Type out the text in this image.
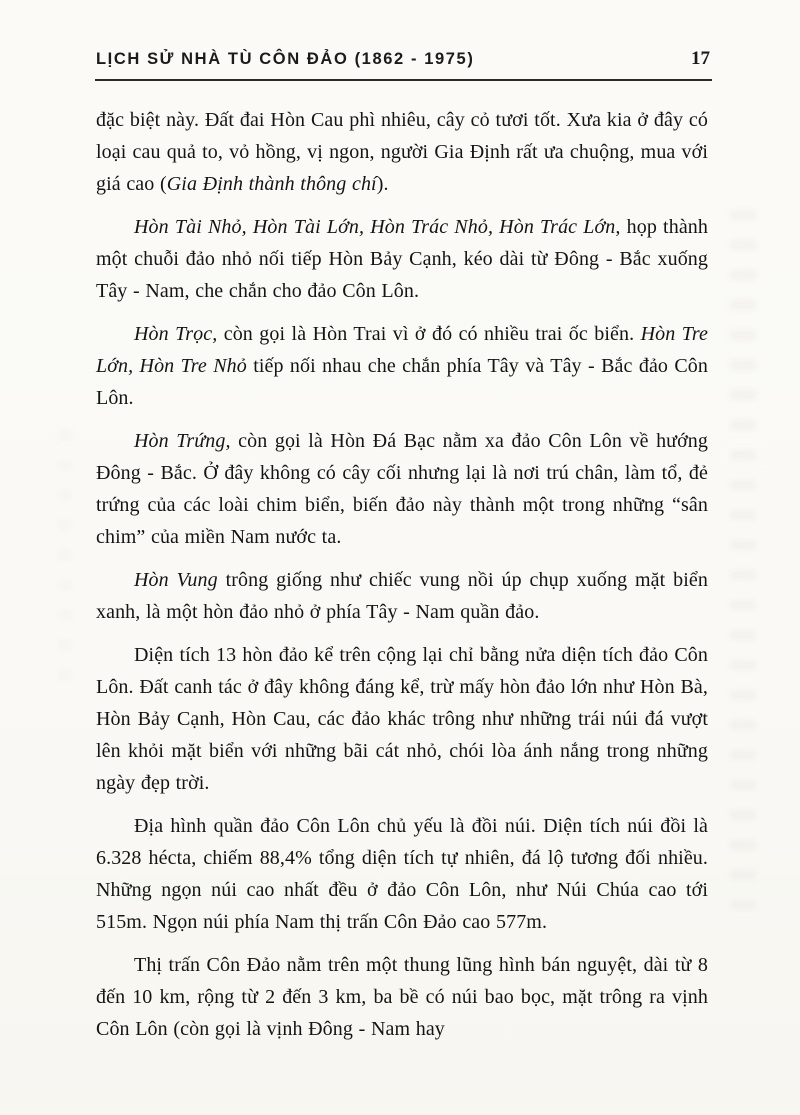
LỊCH SỬ NHÀ TÙ CÔN ĐẢO (1862 - 1975)	17

đặc biệt này. Đất đai Hòn Cau phì nhiêu, cây cỏ tươi tốt. Xưa kia ở đây có loại cau quả to, vỏ hồng, vị ngon, người Gia Định rất ưa chuộng, mua với giá cao (Gia Định thành thông chí).

Hòn Tài Nhỏ, Hòn Tài Lớn, Hòn Trác Nhỏ, Hòn Trác Lớn, họp thành một chuỗi đảo nhỏ nối tiếp Hòn Bảy Cạnh, kéo dài từ Đông - Bắc xuống Tây - Nam, che chắn cho đảo Côn Lôn.

Hòn Trọc, còn gọi là Hòn Trai vì ở đó có nhiều trai ốc biển. Hòn Tre Lớn, Hòn Tre Nhỏ tiếp nối nhau che chắn phía Tây và Tây - Bắc đảo Côn Lôn.

Hòn Trứng, còn gọi là Hòn Đá Bạc nằm xa đảo Côn Lôn về hướng Đông - Bắc. Ở đây không có cây cối nhưng lại là nơi trú chân, làm tổ, đẻ trứng của các loài chim biển, biến đảo này thành một trong những “sân chim” của miền Nam nước ta.

Hòn Vung trông giống như chiếc vung nồi úp chụp xuống mặt biển xanh, là một hòn đảo nhỏ ở phía Tây - Nam quần đảo.

Diện tích 13 hòn đảo kể trên cộng lại chỉ bằng nửa diện tích đảo Côn Lôn. Đất canh tác ở đây không đáng kể, trừ mấy hòn đảo lớn như Hòn Bà, Hòn Bảy Cạnh, Hòn Cau, các đảo khác trông như những trái núi đá vượt lên khỏi mặt biển với những bãi cát nhỏ, chói lòa ánh nắng trong những ngày đẹp trời.

Địa hình quần đảo Côn Lôn chủ yếu là đồi núi. Diện tích núi đồi là 6.328 hécta, chiếm 88,4% tổng diện tích tự nhiên, đá lộ tương đối nhiều. Những ngọn núi cao nhất đều ở đảo Côn Lôn, như Núi Chúa cao tới 515m. Ngọn núi phía Nam thị trấn Côn Đảo cao 577m.

Thị trấn Côn Đảo nằm trên một thung lũng hình bán nguyệt, dài từ 8 đến 10 km, rộng từ 2 đến 3 km, ba bề có núi bao bọc, mặt trông ra vịnh Côn Lôn (còn gọi là vịnh Đông - Nam hay
